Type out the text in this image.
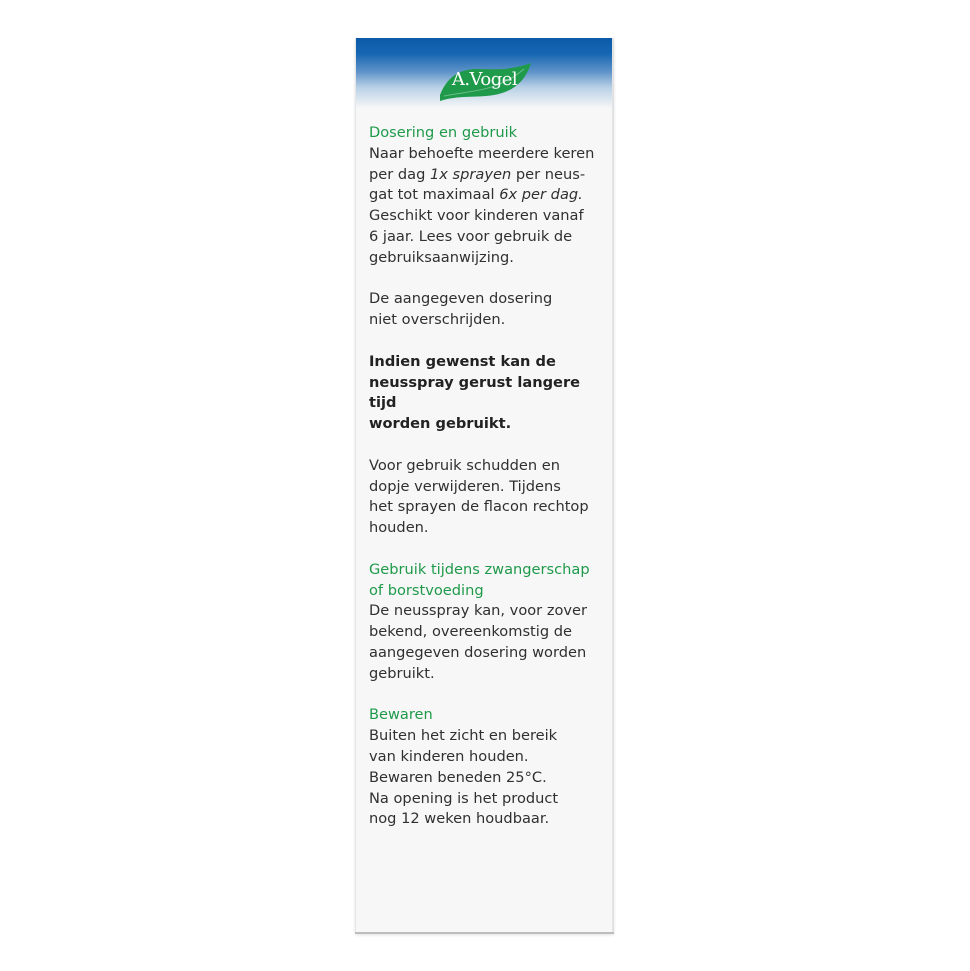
A.Vogel

Dosering en gebruik

Naar behoefte meerdere keren

per dag 1x sprayen per neus-

gat tot maximaal 6x per dag.

Geschikt voor kinderen vanaf

6 jaar. Lees voor gebruik de

gebruiksaanwijzing.

De aangegeven dosering

niet overschrijden.

Indien gewenst kan de

neusspray gerust langere tijd

worden gebruikt.

Voor gebruik schudden en

dopje verwijderen. Tijdens

het sprayen de flacon rechtop

houden.

Gebruik tijdens zwangerschap

of borstvoeding

De neusspray kan, voor zover

bekend, overeenkomstig de

aangegeven dosering worden

gebruikt.

Bewaren

Buiten het zicht en bereik

van kinderen houden.

Bewaren beneden 25°C.

Na opening is het product

nog 12 weken houdbaar.
